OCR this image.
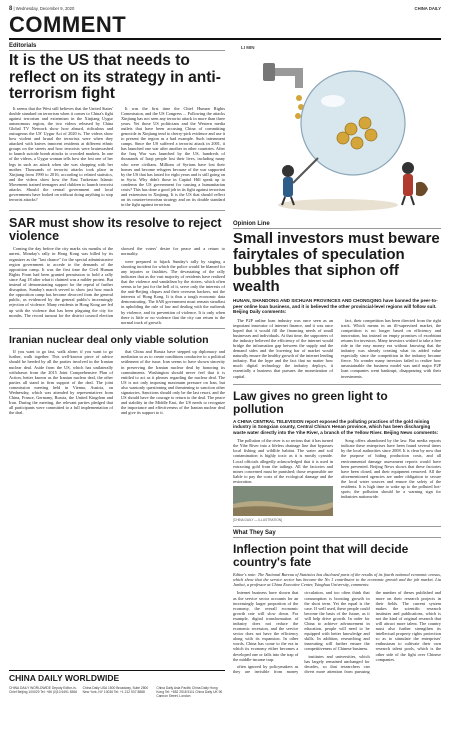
8 | Wednesday, December 9, 2020	CHINA DAILY
COMMENT
Editorials
It is the US that needs to reflect on its strategy in anti-terrorism fight

It seems that the West still believes that the United States' double standard on terrorism when it comes to China's fight against terrorism and extremism in the Xinjiang Uygur autonomous region, the two videos released by China Global TV Network show how absurd, ridiculous and outrageous the US' Uygur Act of 2020 is. The videos show how violent and brutal the terrorists were when they attacked with knives innocent residents at different ethnic groups on the streets and how terrorists were brainwashed to launch suicide bomb attacks to crowded markets. In one of the videos, a Uygur woman tells how she lost one of her legs in such an attack when she was shopping with her mother. Thousands of terrorist attacks took place in Xinjiang from 1990 to 2016, according to related statistics, and the videos show how the East Turkestan Islamic Movement trained teenagers and children to launch terrorist attacks. Should the central government and local governments have looked on without doing anything to stop terrorist attacks?

It was the first time the Chief Human Rights Commission, and the US Congress ... Following the attacks Xinjiang has not seen any terrorist attack in more than three years. Yet those US politicians and the Western media outlets that have been accusing China of committing genocide in Xinjiang tend to cherry-pick evidence and use it to present the region as a bad example. Such internment camps. Since the US suffered a terrorist attack in 2001, it has launched one war after another in other countries. After the Iraq War was launched by the US, hundreds of thousands of Iraqi people lost their lives, including many who were civilians. Millions of Syrians have lost their homes and become refugees because of the war supported by the US that has lasted for eight years and is still going on in Syria. Why didn't those in Capitol Hill speak up to condemn the US government for causing a humanitarian crisis? This has done a good job in its fight against terrorism and extremism in Xinjiang. It is the US that should reflect on its counter-terrorism strategy and on its double standard in the fight against terrorism.

SAR must show its resolve to reject violence

Coming the day before the city marks six months of the unrest, Monday's rally in Hong Kong was billed by its organizer as the "last chance" for the special administrative region government to accede to the demands of the opposition camp. It was the first time the Civil Human Rights Front had been granted permission to hold a rally since Aug 18 after what it claimed was a milder protest. But instead of demonstrating support for the repeal of further disruption, Sunday's march served to show just how much the opposition camp has become divorced from the general public, as evidenced by the general public's increasingly rejection of violence. Many residents in Hong Kong are fed up with the violence that has been plaguing the city for months. The record turnout for the district council election showed the voters' desire for peace and a return to normality.

were prepared to hijack Sunday's rally by staging a shooting incident for which the police would be blamed for any injuries or fatalities. The devastating of the rally indicates that as the vast majority of residents have realized that the violence and vandalism by the rioters, which often seems to be just for the hell of it, serve only the interests of the anti-Beijing cliques and their overseas backers, not the interests of Hong Kong. It is thus a tough economic data demonstrating. The SAR government must remain steadfast in upholding the rule of law and dealing with the outbreak by violence, and its prevention of violence. It is only when there is little or no violence that the city can return to the normal track of growth.

Iranian nuclear deal only viable solution

If you want to go fast, walk alone; if you want to go further, walk together. This well-known piece of advice should be heeded by all the parties involved in the Iranian nuclear deal. Aside from the US, which has unilaterally withdrawn from the 2015 Joint Comprehensive Plan of Action, better known as the Iranian nuclear deal, the other parties all stand in firm support of the deal. The joint commission meeting held in Vienna, Austria, on Wednesday, which was attended by representatives from China, France, Germany, Russia, the United Kingdom and Iran. During the meeting, the relevant parties pledged that all participants were committed to a full implementation of the deal.

that China and Russia have stepped up diplomacy and mediation so as to create conditions conducive to a political settlement of the issue. Iran seems to have shown sincerity in preserving the Iranian nuclear deal by honoring its commitments. Washington should never feel that it is entitled to act as it pleases regarding the nuclear deal. The US is not only imposing maximum pressure on Iran, but also wantonly questioning and threatening to sanction other signatories. Sanctions should only be the last resort, and the US should have the courage to return to the deal. The peace and stability in the Middle East, the US needs to recognize the importance and effectiveness of the Iranian nuclear deal and give its support to it.

CHINA DAILY WORLDWIDE
CHINA DAILY WORLDWIDE Deputy Editor-in-Chief Beijing 100029 Tel: +86 (0)10 6491 8366
China Daily USA 1500 Broadway, Suite 2800 New York, NY 10036 Tel: +1 212 537 8888
China Daily Asia Pacific China Daily Hong Kong Tel: +852 2518 5111 China Daily UK 90 Cannon Street, London
LI MIN
Opinion Line
Small investors must beware fairytales of speculation bubbles that siphon off wealth
HUNAN, SHANDONG AND SICHUAN PROVINCES AND CHONGQING have banned the peer-to-peer online loan business, and it is believed the other provincial-level regions will follow suit. Beijing Daily comments:

The P2P online loan industry was once seen as an important innovator of internet finance, and it was once hoped that it would fill the financing needs of small businesses and individuals. At that time, the supporters of the industry believed the efficiency of the internet would bridge the information gap between the supply and the demand sides and the lowering bar of market would naturally ensure the healthy growth of the internet lending industry. But the hype and the fact that no matter how much digital technology the industry deploys, it essentially a business that pursues the monetization of capital.

fact, their competition has been directed from the right track. Which means in an ill-supervised market, the competition is no longer based on efficiency and innovation, but instead on empty promises of exorbitant returns for investors. Many investors wished to take a free ride in the easy money era without knowing that the industry was already creating what its added value especially since the competition in the industry became fierce. No wonder many investors failed to realize how unsustainable the business model was until major P2P loan companies went bankrupt, disappearing with their investments.

Law gives no green light to pollution
A CHINA CENTRAL TELEVISION report exposed the polluting practices of the gold mining industry in Songxian county, Central China's Henan province, which has been discharging waste water directly into the Yihe River, a branch of the Yellow River. Beijing News comments:

The pollution of the river is so serious that it has turned the Yihe River into a lifeless drainage line that bypasses local fishing and wildlife habitat. The water and soil contamination is highly toxic as it is mostly cyanide. Local officials allegedly acknowledged that it is used in extracting gold from the tailings. All the factories and mines concerned must be punished; those responsible are liable to pay the costs of the ecological damage and the restoration.

[CHINA DAILY — ILLUSTRATION]

Song offers abandoned by the law. But media reports indicate these enterprises have been found several times by the local authorities since 2008. It is clear by now that the purpose of hiding production costs, and all environmental damage assessment reports would have been prevented. Beijing News shows that these factories have been closed, and their equipment removed. All the aforementioned agencies are under obligation to secure the local water sources and ensure the safety of the residents. It is high time to wake up to the polluted hot-spots; the pollution should be a warning sign for industries nationwide.

What They Say
Inflection point that will decide country's fate
Editor's note: The National Bureau of Statistics has disclosed parts of the results of its fourth national economic census, which show that the service sector has become the No 1 contributor to the economic growth and the job market. Liu Junhai, a professor at China Executive Center, Tsinghua University, comments:

Internet business have shown that as the service sector accounts for an increasingly larger proportion of the economy, the overall economic growth rate will slow down. For example, digital transformation of industry does not reduce the economic recession, and the service sector does not have the efficiency along with its expansion. In other words, China has come to the era in which its economy either becomes a developed one or falls into the trap of the middle-income trap.

often ignored by policymakers as they are invisible from money circulation, and too often think that consumption is boosting growth in the short term. Yet the equal is the case. If well used, these people could become the basis of the future, as it will help drive growth. In order for China to achieve advancement in education, people will need to be equipped with better knowledge and skills. In addition, researching and innovating will further ensure the competitiveness of Chinese business.

institutes and universities, which has largely remained unchanged for decades, so that researchers can divert more attention from pursuing the number of theses published and more on their research projects in their fields. The current system makes the scientific research institutes and publications, which is not the kind of original research that will attract more talent. The country must also further strengthen its intellectual property rights protection so as to stimulate the enterprises' enthusiasm to cultivate their own research talent pools, which is the other side of the fight over Chinese companies.
